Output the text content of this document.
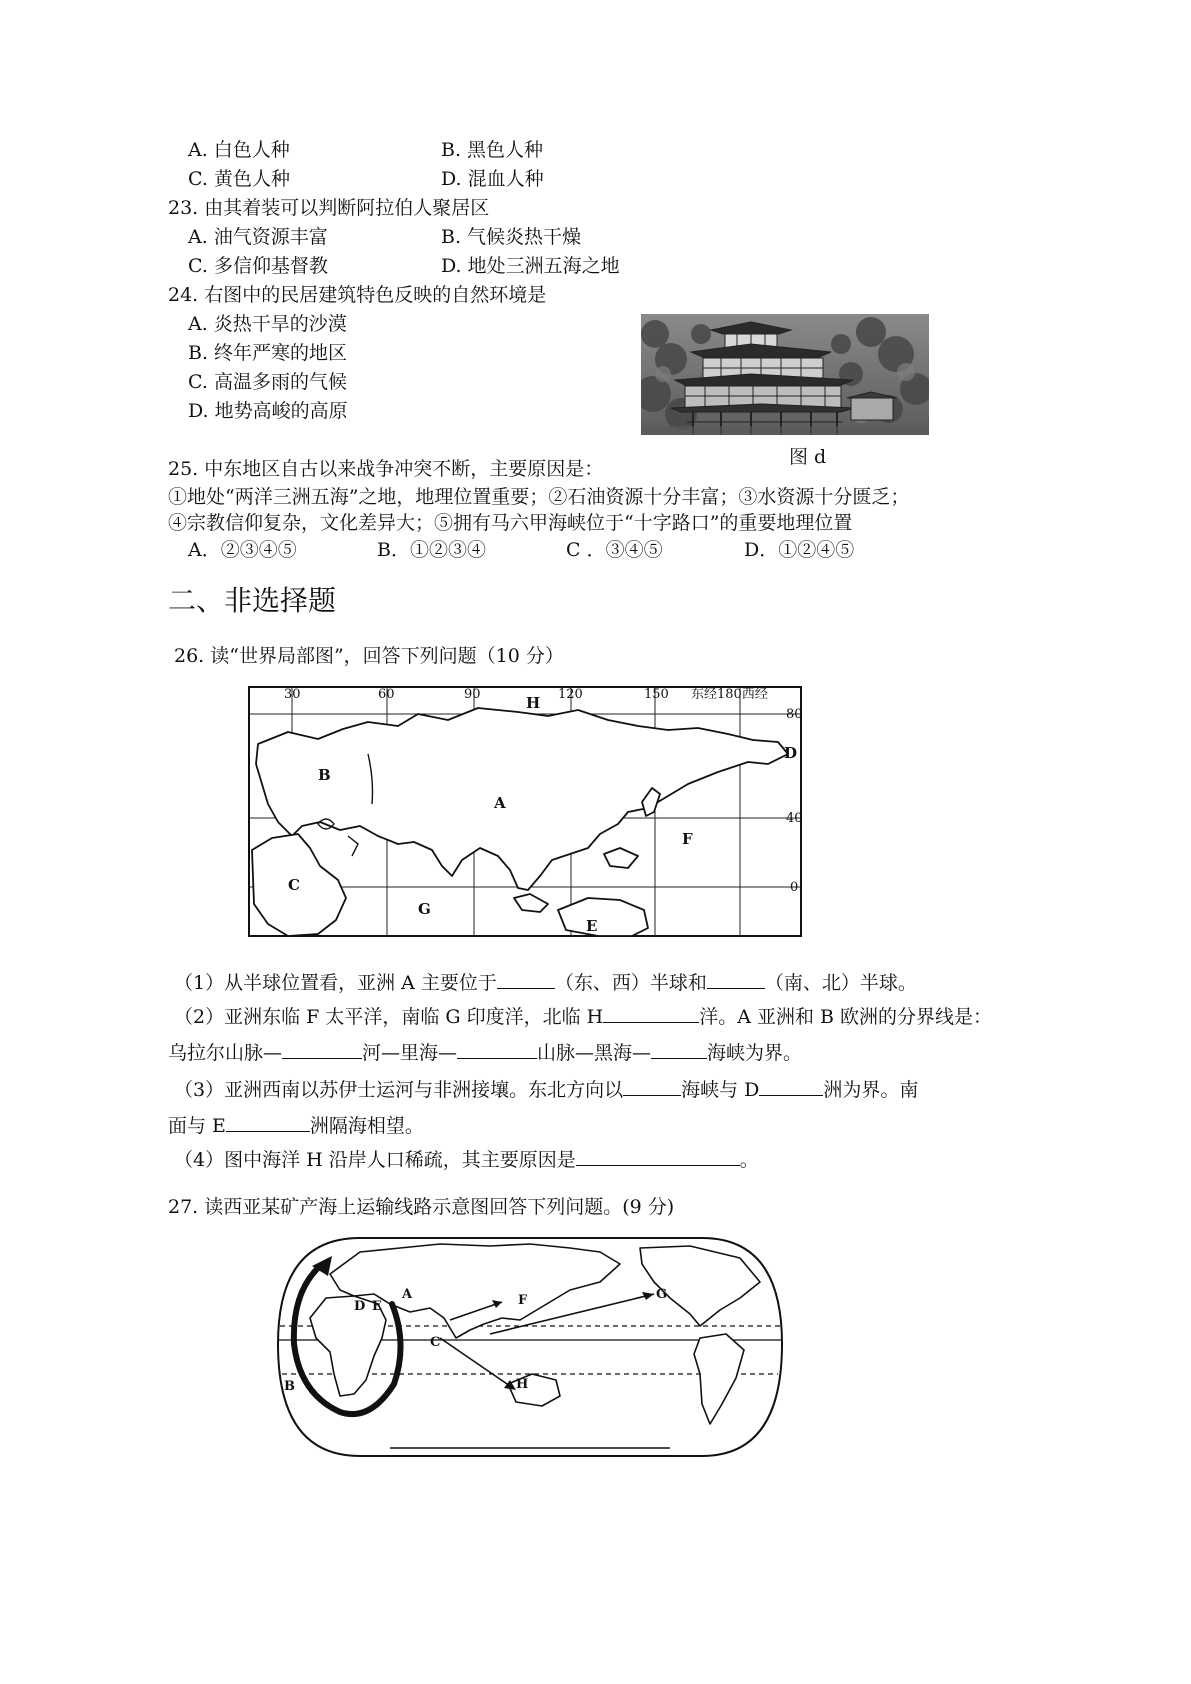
A. 白色人种	B. 黑色人种
C. 黄色人种	D. 混血人种
23. 由其着装可以判断阿拉伯人聚居区
A. 油气资源丰富	B. 气候炎热干燥
C. 多信仰基督教	D. 地处三洲五海之地
24. 右图中的民居建筑特色反映的自然环境是
A. 炎热干旱的沙漠
B. 终年严寒的地区
C. 高温多雨的气候
D. 地势高峻的高原
图 d
25. 中东地区自古以来战争冲突不断，主要原因是：
①地处“两洋三洲五海”之地，地理位置重要；②石油资源十分丰富；③水资源十分匮乏；
④宗教信仰复杂，文化差异大；⑤拥有马六甲海峡位于“十字路口”的重要地理位置
A．②③④⑤	B．①②③④	C ．③④⑤	D．①②④⑤
二、非选择题
26. 读“世界局部图”，回答下列问题（10 分）
30	60	90	120	150 东经180西经
80
40
0
H
B
A
D
F
C
G
E
（1）从半球位置看，亚洲 A 主要位于	（东、西）半球和	（南、北）半球。
（2）亚洲东临 F 太平洋，南临 G 印度洋，北临 H	洋。A 亚洲和 B 欧洲的分界线是：
乌拉尔山脉—	河—里海—	山脉—黑海—	海峡为界。
（3）亚洲西南以苏伊士运河与非洲接壤。东北方向以	海峡与 D	洲为界。南
面与 E	洲隔海相望。
（4）图中海洋 H 沿岸人口稀疏，其主要原因是	。
27. 读西亚某矿产海上运输线路示意图回答下列问题。(9 分)
A
B
C
D E	F	G
H
